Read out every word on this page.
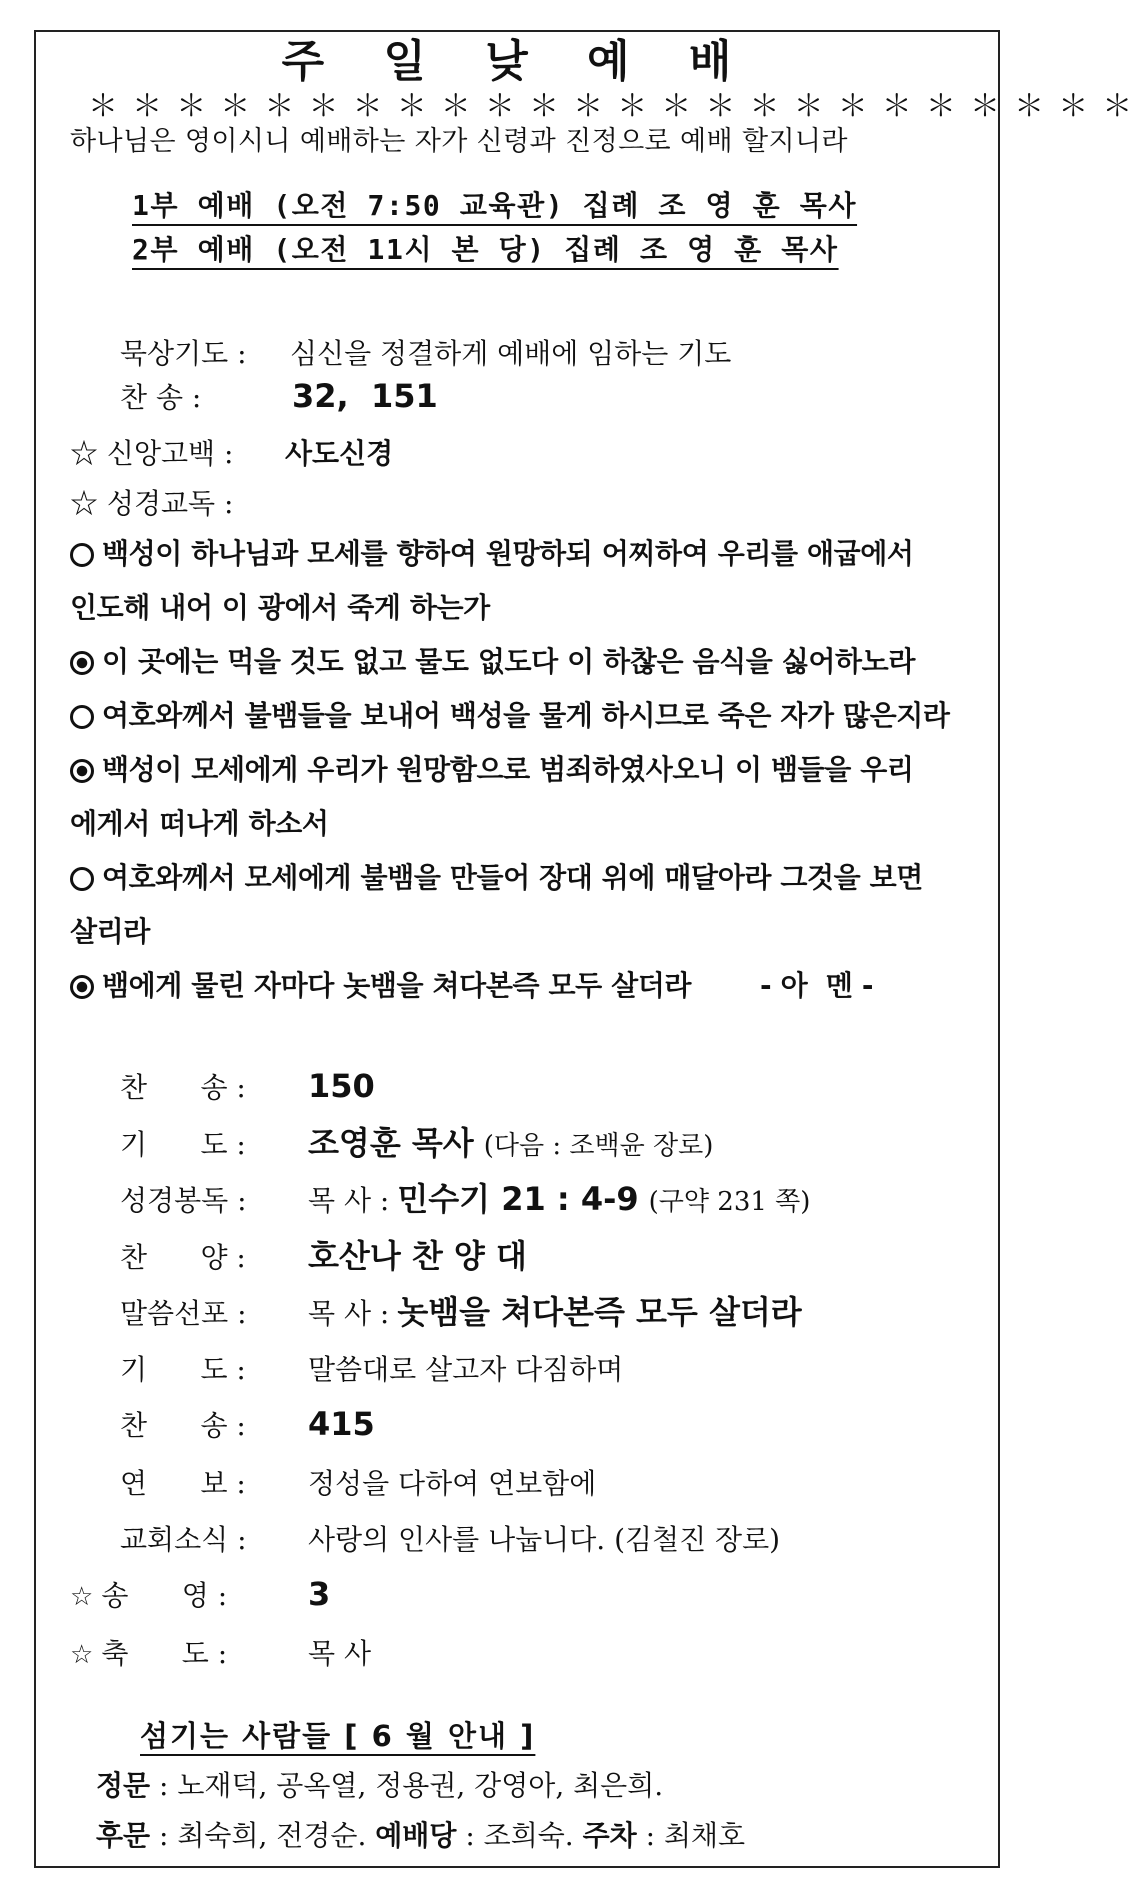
주 일 낮 예 배
＊＊＊＊＊＊＊＊＊＊＊＊＊＊＊＊＊＊＊＊＊＊＊＊
하나님은 영이시니 예배하는 자가 신령과 진정으로 예배 할지니라
1부 예배 (오전 7:50 교육관) 집례 조 영 훈 목사
2부 예배 (오전 11시 본 당) 집례 조 영 훈 목사
묵상기도 : 심신을 정결하게 예배에 임하는 기도
찬 송 :	32,  151
☆ 신앙고백 : 사도신경
☆ 성경교독 :
백성이 하나님과 모세를 향하여 원망하되 어찌하여 우리를 애굽에서
인도해 내어 이 광에서 죽게 하는가
이 곳에는 먹을 것도 없고 물도 없도다 이 하찮은 음식을 싫어하노라
여호와께서 불뱀들을 보내어 백성을 물게 하시므로 죽은 자가 많은지라
백성이 모세에게 우리가 원망함으로 범죄하였사오니 이 뱀들을 우리
에게서 떠나게 하소서
여호와께서 모세에게 불뱀을 만들어 장대 위에 매달아라 그것을 보면
살리라
뱀에게 물린 자마다 놋뱀을 쳐다본즉 모두 살더라 - 아  멘 -
찬      송 : 150
기      도 : 조영훈 목사 (다음 : 조백윤 장로)
성경봉독 : 목 사 : 민수기 21 : 4-9 (구약 231 쪽)
찬      양 : 호산나 찬 양 대
말씀선포 : 목 사 : 놋뱀을 쳐다본즉 모두 살더라
기      도 : 말씀대로 살고자 다짐하며
찬      송 : 415
연      보 : 정성을 다하여 연보함에
교회소식 : 사랑의 인사를 나눕니다. (김철진 장로)
☆ 송      영 :	3
☆ 축      도 :	목 사
섬기는 사람들 [ 6 월 안내 ]
정문 : 노재덕, 공옥열, 정용권, 강영아, 최은희.
후문 : 최숙희, 전경순. 예배당 : 조희숙. 주차 : 최채호
